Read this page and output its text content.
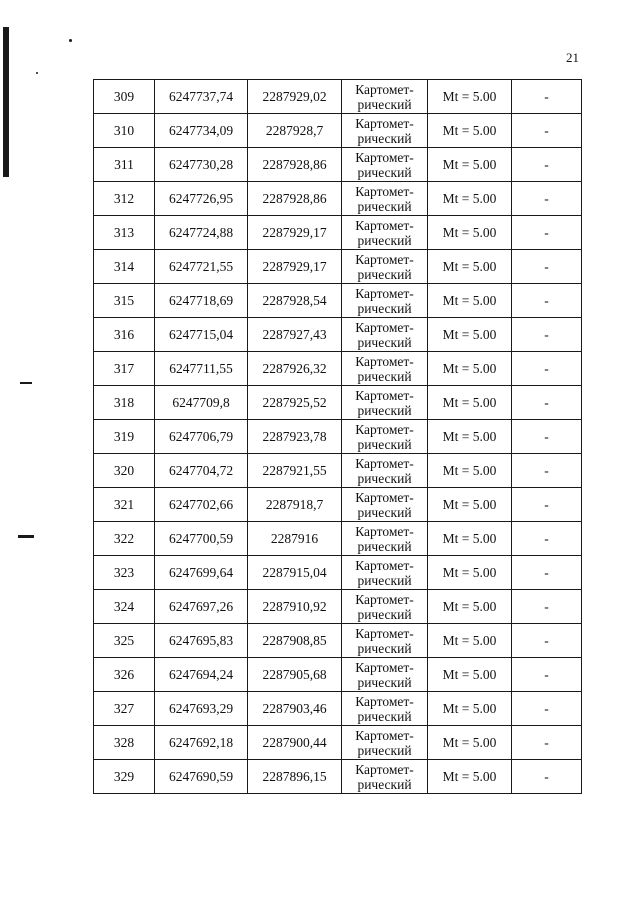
21
309	6247737,74	2287929,02	Картомет-
рический	Mt = 5.00	-
310	6247734,09	2287928,7	Картомет-
рический	Mt = 5.00	-
311	6247730,28	2287928,86	Картомет-
рический	Mt = 5.00	-
312	6247726,95	2287928,86	Картомет-
рический	Mt = 5.00	-
313	6247724,88	2287929,17	Картомет-
рический	Mt = 5.00	-
314	6247721,55	2287929,17	Картомет-
рический	Mt = 5.00	-
315	6247718,69	2287928,54	Картомет-
рический	Mt = 5.00	-
316	6247715,04	2287927,43	Картомет-
рический	Mt = 5.00	-
317	6247711,55	2287926,32	Картомет-
рический	Mt = 5.00	-
318	6247709,8	2287925,52	Картомет-
рический	Mt = 5.00	-
319	6247706,79	2287923,78	Картомет-
рический	Mt = 5.00	-
320	6247704,72	2287921,55	Картомет-
рический	Mt = 5.00	-
321	6247702,66	2287918,7	Картомет-
рический	Mt = 5.00	-
322	6247700,59	2287916	Картомет-
рический	Mt = 5.00	-
323	6247699,64	2287915,04	Картомет-
рический	Mt = 5.00	-
324	6247697,26	2287910,92	Картомет-
рический	Mt = 5.00	-
325	6247695,83	2287908,85	Картомет-
рический	Mt = 5.00	-
326	6247694,24	2287905,68	Картомет-
рический	Mt = 5.00	-
327	6247693,29	2287903,46	Картомет-
рический	Mt = 5.00	-
328	6247692,18	2287900,44	Картомет-
рический	Mt = 5.00	-
329	6247690,59	2287896,15	Картомет-
рический	Mt = 5.00	-
